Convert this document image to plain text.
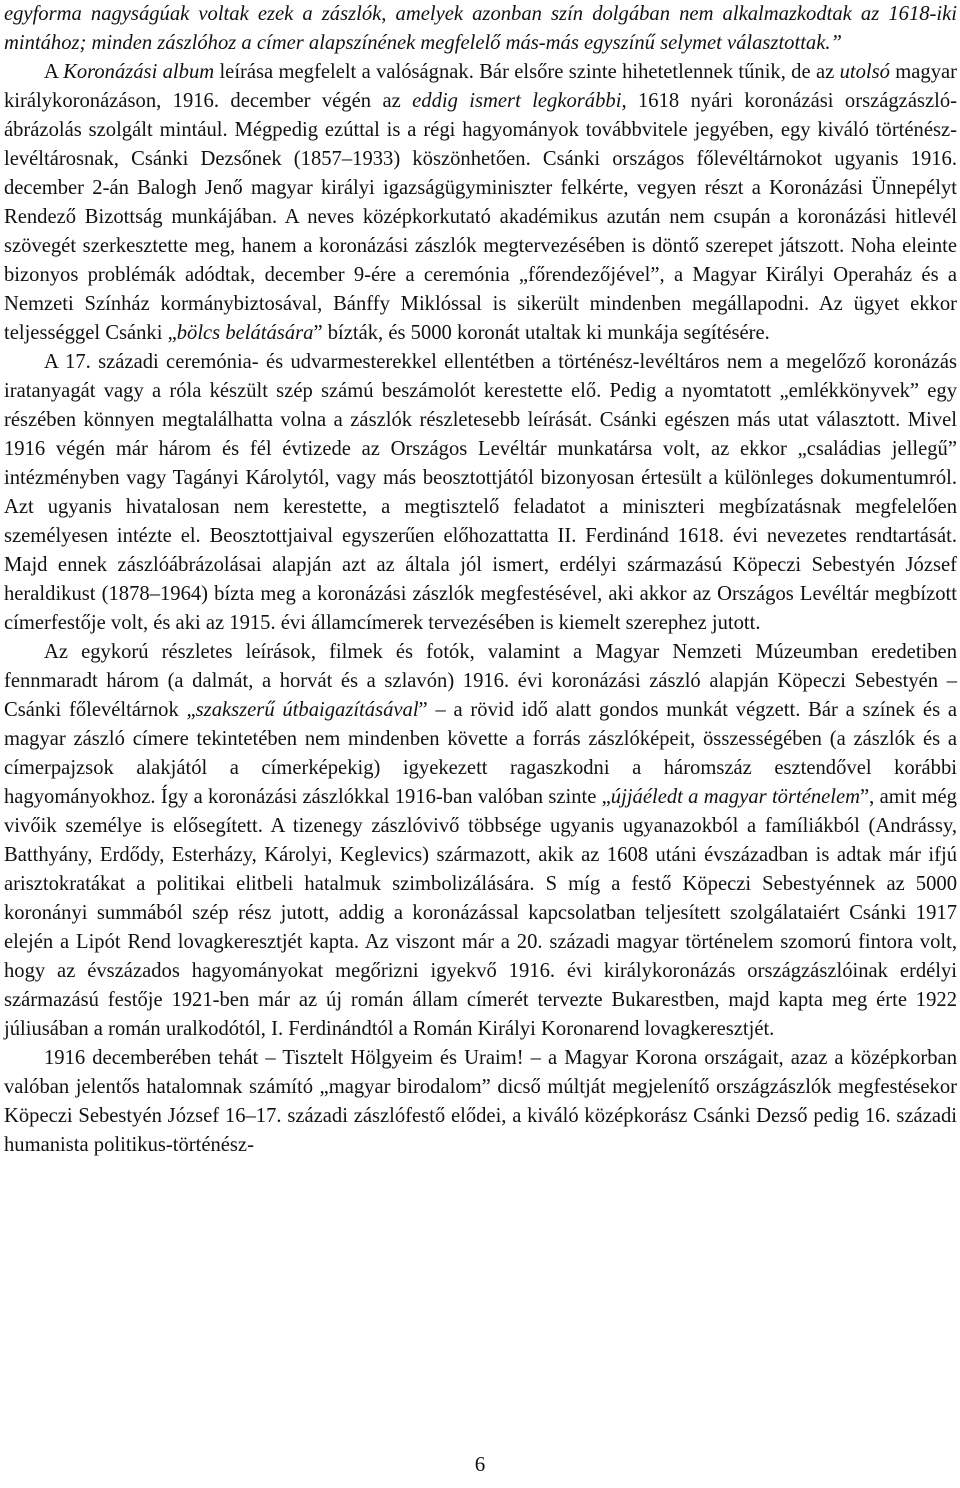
egyforma nagyságúak voltak ezek a zászlók, amelyek azonban szín dolgában nem alkalmazkodtak az 1618-iki mintához; minden zászlóhoz a címer alapszínének megfelelő más-más egyszínű selymet választottak.”

A Koronázási album leírása megfelelt a valóságnak. Bár elsőre szinte hihetetlennek tűnik, de az utolsó magyar királykoronázáson, 1916. december végén az eddig ismert legkorábbi, 1618 nyári koronázási országzászló-ábrázolás szolgált mintául. Mégpedig ezúttal is a régi hagyományok továbbvitele jegyében, egy kiváló történész-levéltárosnak, Csánki Dezsőnek (1857–1933) köszönhetően. Csánki országos főlevéltárnokot ugyanis 1916. december 2-án Balogh Jenő magyar királyi igazságügyminiszter felkérte, vegyen részt a Koronázási Ünnepélyt Rendező Bizottság munkájában. A neves középkorkutató akadémikus azután nem csupán a koronázási hitlevél szövegét szerkesztette meg, hanem a koronázási zászlók megtervezésében is döntő szerepet játszott. Noha eleinte bizonyos problémák adódtak, december 9-ére a ceremónia „főrendezőjével”, a Magyar Királyi Operaház és a Nemzeti Színház kormánybiztosával, Bánffy Miklóssal is sikerült mindenben megállapodni. Az ügyet ekkor teljességgel Csánki „bölcs belátására” bízták, és 5000 koronát utaltak ki munkája segítésére.

A 17. századi ceremónia- és udvarmesterekkel ellentétben a történész-levéltáros nem a megelőző koronázás iratanyagát vagy a róla készült szép számú beszámolót kerestette elő. Pedig a nyomtatott „emlékkönyvek” egy részében könnyen megtalálhatta volna a zászlók részletesebb leírását. Csánki egészen más utat választott. Mivel 1916 végén már három és fél évtizede az Országos Levéltár munkatársa volt, az ekkor „családias jellegű” intézményben vagy Tagányi Károlytól, vagy más beosztottjától bizonyosan értesült a különleges dokumentumról. Azt ugyanis hivatalosan nem kerestette, a megtisztelő feladatot a miniszteri megbízatásnak megfelelően személyesen intézte el. Beosztottjaival egyszerűen előhozattatta II. Ferdinánd 1618. évi nevezetes rendtartását. Majd ennek zászlóábrázolásai alapján azt az általa jól ismert, erdélyi származású Köpeczi Sebestyén József heraldikust (1878–1964) bízta meg a koronázási zászlók megfestésével, aki akkor az Országos Levéltár megbízott címerfestője volt, és aki az 1915. évi államcímerek tervezésében is kiemelt szerephez jutott.

Az egykorú részletes leírások, filmek és fotók, valamint a Magyar Nemzeti Múzeumban eredetiben fennmaradt három (a dalmát, a horvát és a szlavón) 1916. évi koronázási zászló alapján Köpeczi Sebestyén – Csánki főlevéltárnok „szakszerű útbaigazításával” – a rövid idő alatt gondos munkát végzett. Bár a színek és a magyar zászló címere tekintetében nem mindenben követte a forrás zászlóképeit, összességében (a zászlók és a címerpajzsok alakjától a címerképekig) igyekezett ragaszkodni a háromszáz esztendővel korábbi hagyományokhoz. Így a koronázási zászlókkal 1916-ban valóban szinte „újjáéledt a magyar történelem”, amit még vivőik személye is elősegített. A tizenegy zászlóvivő többsége ugyanis ugyanazokból a famíliákból (Andrássy, Batthyány, Erdődy, Esterházy, Károlyi, Keglevics) származott, akik az 1608 utáni évszázadban is adtak már ifjú arisztokratákat a politikai elitbeli hatalmuk szimbolizálására. S míg a festő Köpeczi Sebestyénnek az 5000 koronányi summából szép rész jutott, addig a koronázással kapcsolatban teljesített szolgálataiért Csánki 1917 elején a Lipót Rend lovagkeresztjét kapta. Az viszont már a 20. századi magyar történelem szomorú fintora volt, hogy az évszázados hagyományokat megőrizni igyekvő 1916. évi királykoronázás országzászlóinak erdélyi származású festője 1921-ben már az új román állam címerét tervezte Bukarestben, majd kapta meg érte 1922 júliusában a román uralkodótól, I. Ferdinándtól a Román Királyi Koronarend lovagkeresztjét.

1916 decemberében tehát – Tisztelt Hölgyeim és Uraim! – a Magyar Korona országait, azaz a középkorban valóban jelentős hatalomnak számító „magyar birodalom” dicső múltját megjelenítő országzászlók megfestésekor Köpeczi Sebestyén József 16–17. századi zászlófestő elődei, a kiváló középkorász Csánki Dezső pedig 16. századi humanista politikus-történész-

6
